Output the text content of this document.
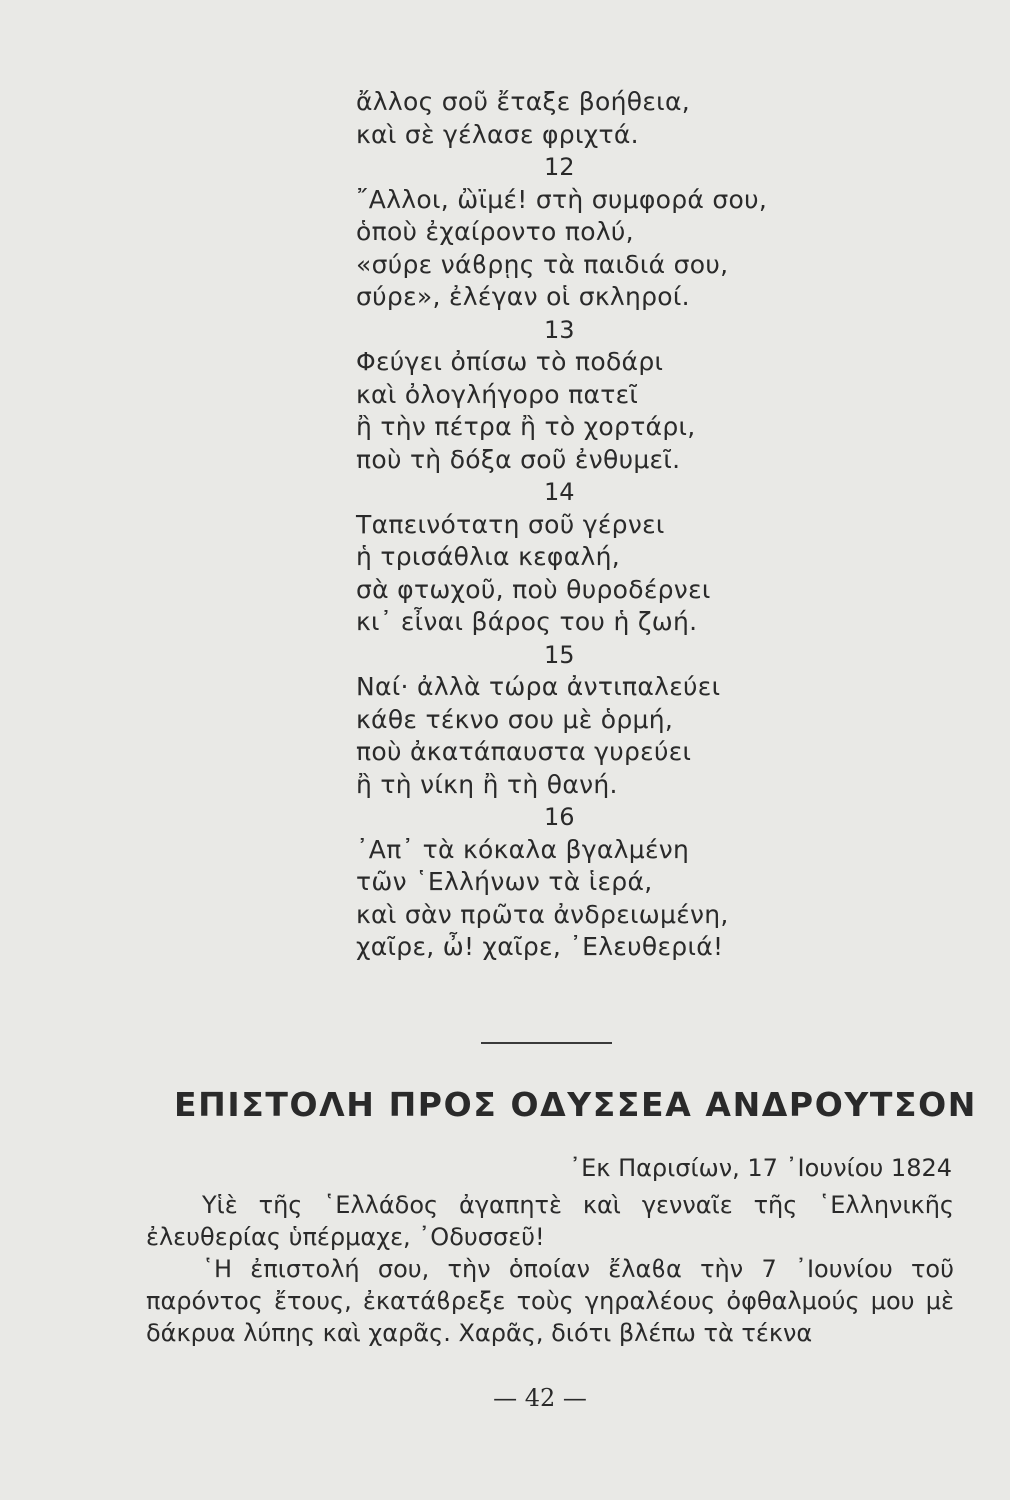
ἄλλος σοῦ ἔταξε βοήθεια,
καὶ σὲ γέλασε φριχτά.
12
῎Αλλοι, ὢϊμέ! στὴ συμφορά σου,
ὁποὺ ἐχαίροντο πολύ,
«σύρε νάϐρῃς τὰ παιδιά σου,
σύρε», ἐλέγαν οἱ σκληροί.
13
Φεύγει ὀπίσω τὸ ποδάρι
καὶ ὀλογλήγορο πατεῖ
ἢ τὴν πέτρα ἢ τὸ χορτάρι,
ποὺ τὴ δόξα σοῦ ἐνθυμεῖ.
14
Ταπεινότατη σοῦ γέρνει
ἡ τρισάθλια κεφαλή,
σὰ φτωχοῦ, ποὺ θυροδέρνει
κι᾽ εἶναι βάρος του ἡ ζωή.
15
Ναί· ἀλλὰ τώρα ἀντιπαλεύει
κάθε τέκνο σου μὲ ὁρμή,
ποὺ ἀκατάπαυστα γυρεύει
ἢ τὴ νίκη ἢ τὴ θανή.
16
᾽Απ᾽ τὰ κόκαλα βγαλμένη
τῶν ῾Ελλήνων τὰ ἱερά,
καὶ σὰν πρῶτα ἀνδρειωμένη,
χαῖρε, ὦ! χαῖρε, ᾽Ελευθεριά!
ΕΠΙΣΤΟΛΗ ΠΡΟΣ ΟΔΥΣΣΕΑ ΑΝΔΡΟΥΤΣΟΝ
᾽Εκ Παρισίων, 17 ᾽Ιουνίου 1824

Υἱὲ τῆς ῾Ελλάδος ἀγαπητὲ καὶ γενναῖε τῆς ῾Ελληνικῆς ἐλευθερίας ὑπέρμαχε, ᾽Οδυσσεῦ!

῾Η ἐπιστολή σου, τὴν ὁποίαν ἔλαϐα τὴν 7 ᾽Ιουνίου τοῦ παρόντος ἔτους, ἐκατάϐρεξε τοὺς γηραλέους ὀφθαλμούς μου μὲ δάκρυα λύπης καὶ χαρᾶς. Χαρᾶς, διότι βλέπω τὰ τέκνα

— 42 —
